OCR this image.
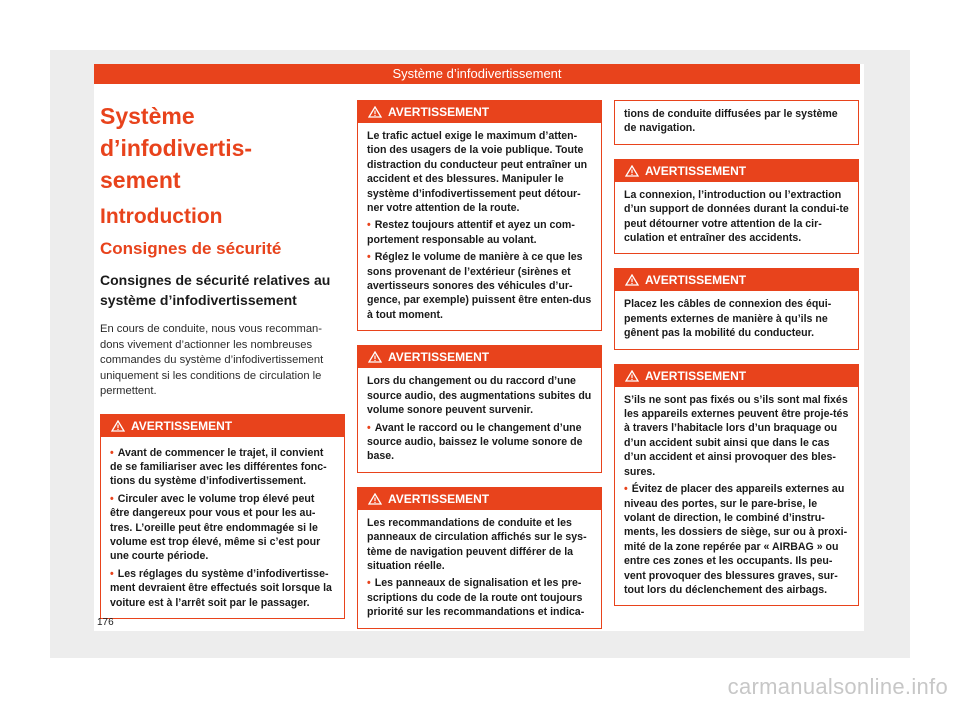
Système d’infodivertissement
Système d’infodivertis-
sement
Introduction
Consignes de sécurité
Consignes de sécurité relatives au système d’infodivertissement

En cours de conduite, nous vous recomman-dons vivement d’actionner les nombreuses commandes du système d’infodivertissement uniquement si les conditions de circulation le permettent.

AVERTISSEMENT
• Avant de commencer le trajet, il convient de se familiariser avec les différentes fonc-tions du système d’infodivertissement.
• Circuler avec le volume trop élevé peut être dangereux pour vous et pour les au-tres. L’oreille peut être endommagée si le volume est trop élevé, même si c’est pour une courte période.
• Les réglages du système d’infodivertisse-ment devraient être effectués soit lorsque la voiture est à l’arrêt soit par le passager.
AVERTISSEMENT

Le trafic actuel exige le maximum d’atten-tion des usagers de la voie publique. Toute distraction du conducteur peut entraîner un accident et des blessures. Manipuler le système d’infodivertissement peut détour-ner votre attention de la route.

• Restez toujours attentif et ayez un com-portement responsable au volant.
• Réglez le volume de manière à ce que les sons provenant de l’extérieur (sirènes et avertisseurs sonores des véhicules d’ur-gence, par exemple) puissent être enten-dus à tout moment.
AVERTISSEMENT

Lors du changement ou du raccord d’une source audio, des augmentations subites du volume sonore peuvent survenir.

• Avant le raccord ou le changement d’une source audio, baissez le volume sonore de base.
AVERTISSEMENT

Les recommandations de conduite et les panneaux de circulation affichés sur le sys-tème de navigation peuvent différer de la situation réelle.

• Les panneaux de signalisation et les pre-scriptions du code de la route ont toujours priorité sur les recommandations et indica-
tions de conduite diffusées par le système de navigation.
AVERTISSEMENT

La connexion, l’introduction ou l’extraction d’un support de données durant la condui-te peut détourner votre attention de la cir-culation et entraîner des accidents.

AVERTISSEMENT

Placez les câbles de connexion des équi-pements externes de manière à qu’ils ne gênent pas la mobilité du conducteur.

AVERTISSEMENT

S’ils ne sont pas fixés ou s’ils sont mal fixés les appareils externes peuvent être proje-tés à travers l’habitacle lors d’un braquage ou d’un accident subit ainsi que dans le cas d’un accident et ainsi provoquer des bles-sures.

• Évitez de placer des appareils externes au niveau des portes, sur le pare-brise, le volant de direction, le combiné d’instru-ments, les dossiers de siège, sur ou à proxi-mité de la zone repérée par « AIRBAG » ou entre ces zones et les occupants. Ils peu-vent provoquer des blessures graves, sur-tout lors du déclenchement des airbags.
176
carmanualsonline.info
